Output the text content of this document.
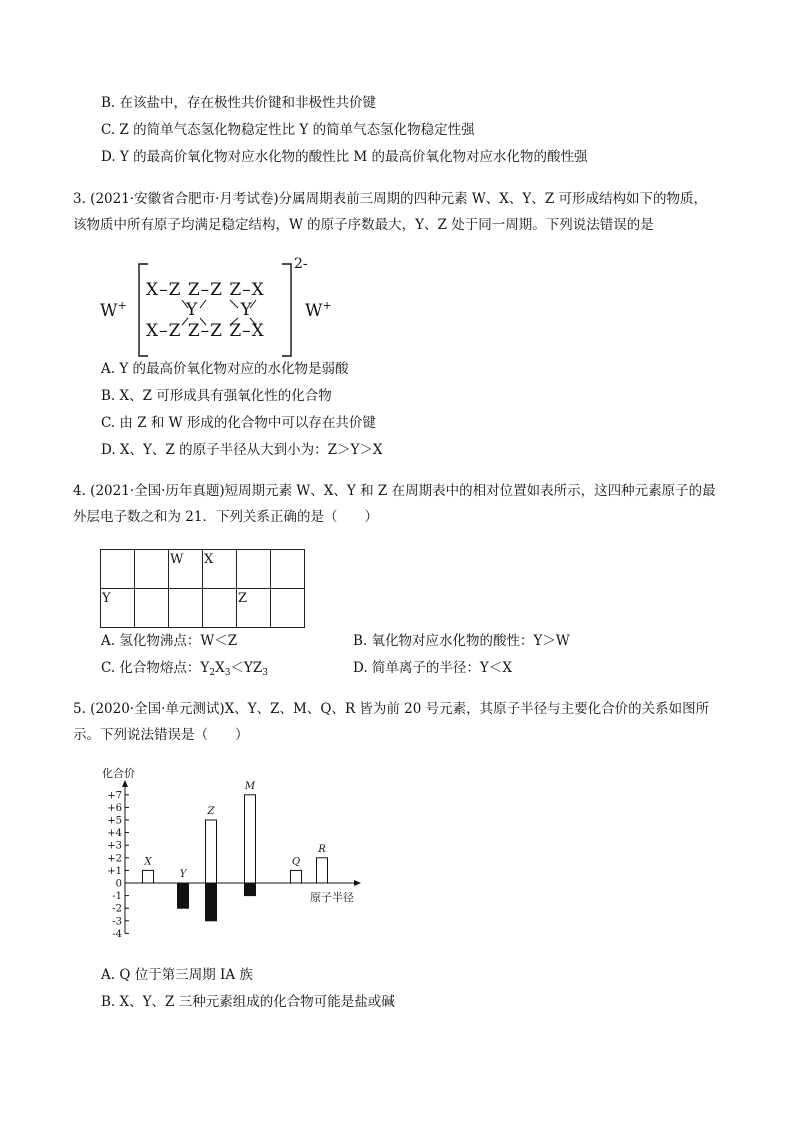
B. 在该盐中，存在极性共价键和非极性共价键
C. Z 的简单气态氢化物稳定性比 Y 的简单气态氢化物稳定性强
D. Y 的最高价氧化物对应水化物的酸性比 M 的最高价氧化物对应水化物的酸性强
3. (2021·安徽省合肥市·月考试卷)分属周期表前三周期的四种元素 W、X、Y、Z 可形成结构如下的物质，
该物质中所有原子均满足稳定结构，W 的原子序数最大，Y、Z 处于同一周期。下列说法错误的是
W+
X–Z Z–Z Z–X
Y        Y
X–Z Z–Z Z–X
2-
W+
A. Y 的最高价氧化物对应的水化物是弱酸
B. X、Z 可形成具有强氧化性的化合物
C. 由 Z 和 W 形成的化合物中可以存在共价键
D. X、Y、Z 的原子半径从大到小为：Z＞Y＞X
4. (2021·全国·历年真题)短周期元素 W、X、Y 和 Z 在周期表中的相对位置如表所示，这四种元素原子的最
外层电子数之和为 21．下列关系正确的是（　　）

		W	X		

Y				Z	

A. 氢化物沸点：W＜Z	B. 氧化物对应水化物的酸性：Y＞W
C. 化合物熔点：$Y_2X_3<YZ_3$	D. 简单离子的半径：Y＜X
5. (2020·全国·单元测试)X、Y、Z、M、Q、R 皆为前 20 号元素，其原子半径与主要化合价的关系如图所
示。下列说法错误是（　　）
化合价
原子半径
+7
+6
+5
+4
+3
+2
+1
0
-1
-2
-3
-4
X
Y
Z
M
Q
R
A. Q 位于第三周期 IA 族
B. X、Y、Z 三种元素组成的化合物可能是盐或碱
